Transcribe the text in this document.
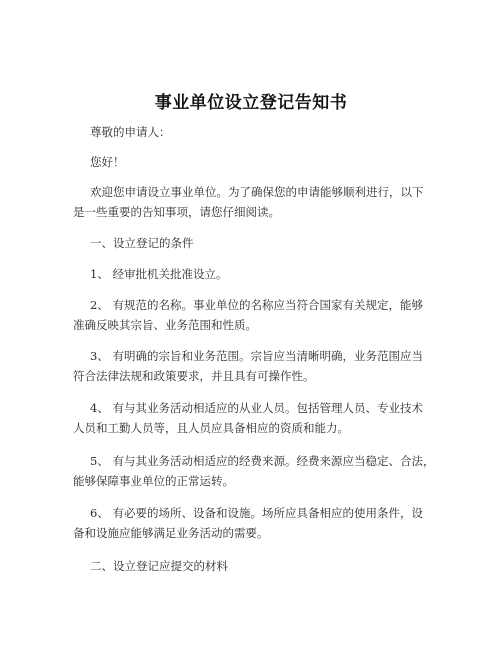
事业单位设立登记告知书
尊敬的申请人：
您好！
欢迎您申请设立事业单位。为了确保您的申请能够顺利进行，以下
是一些重要的告知事项，请您仔细阅读。
一、设立登记的条件
1、 经审批机关批准设立。
2、 有规范的名称。事业单位的名称应当符合国家有关规定，能够
准确反映其宗旨、业务范围和性质。
3、 有明确的宗旨和业务范围。宗旨应当清晰明确，业务范围应当
符合法律法规和政策要求，并且具有可操作性。
4、 有与其业务活动相适应的从业人员。包括管理人员、专业技术
人员和工勤人员等，且人员应具备相应的资质和能力。
5、 有与其业务活动相适应的经费来源。经费来源应当稳定、合法，
能够保障事业单位的正常运转。
6、 有必要的场所、设备和设施。场所应具备相应的使用条件，设
备和设施应能够满足业务活动的需要。
二、设立登记应提交的材料
